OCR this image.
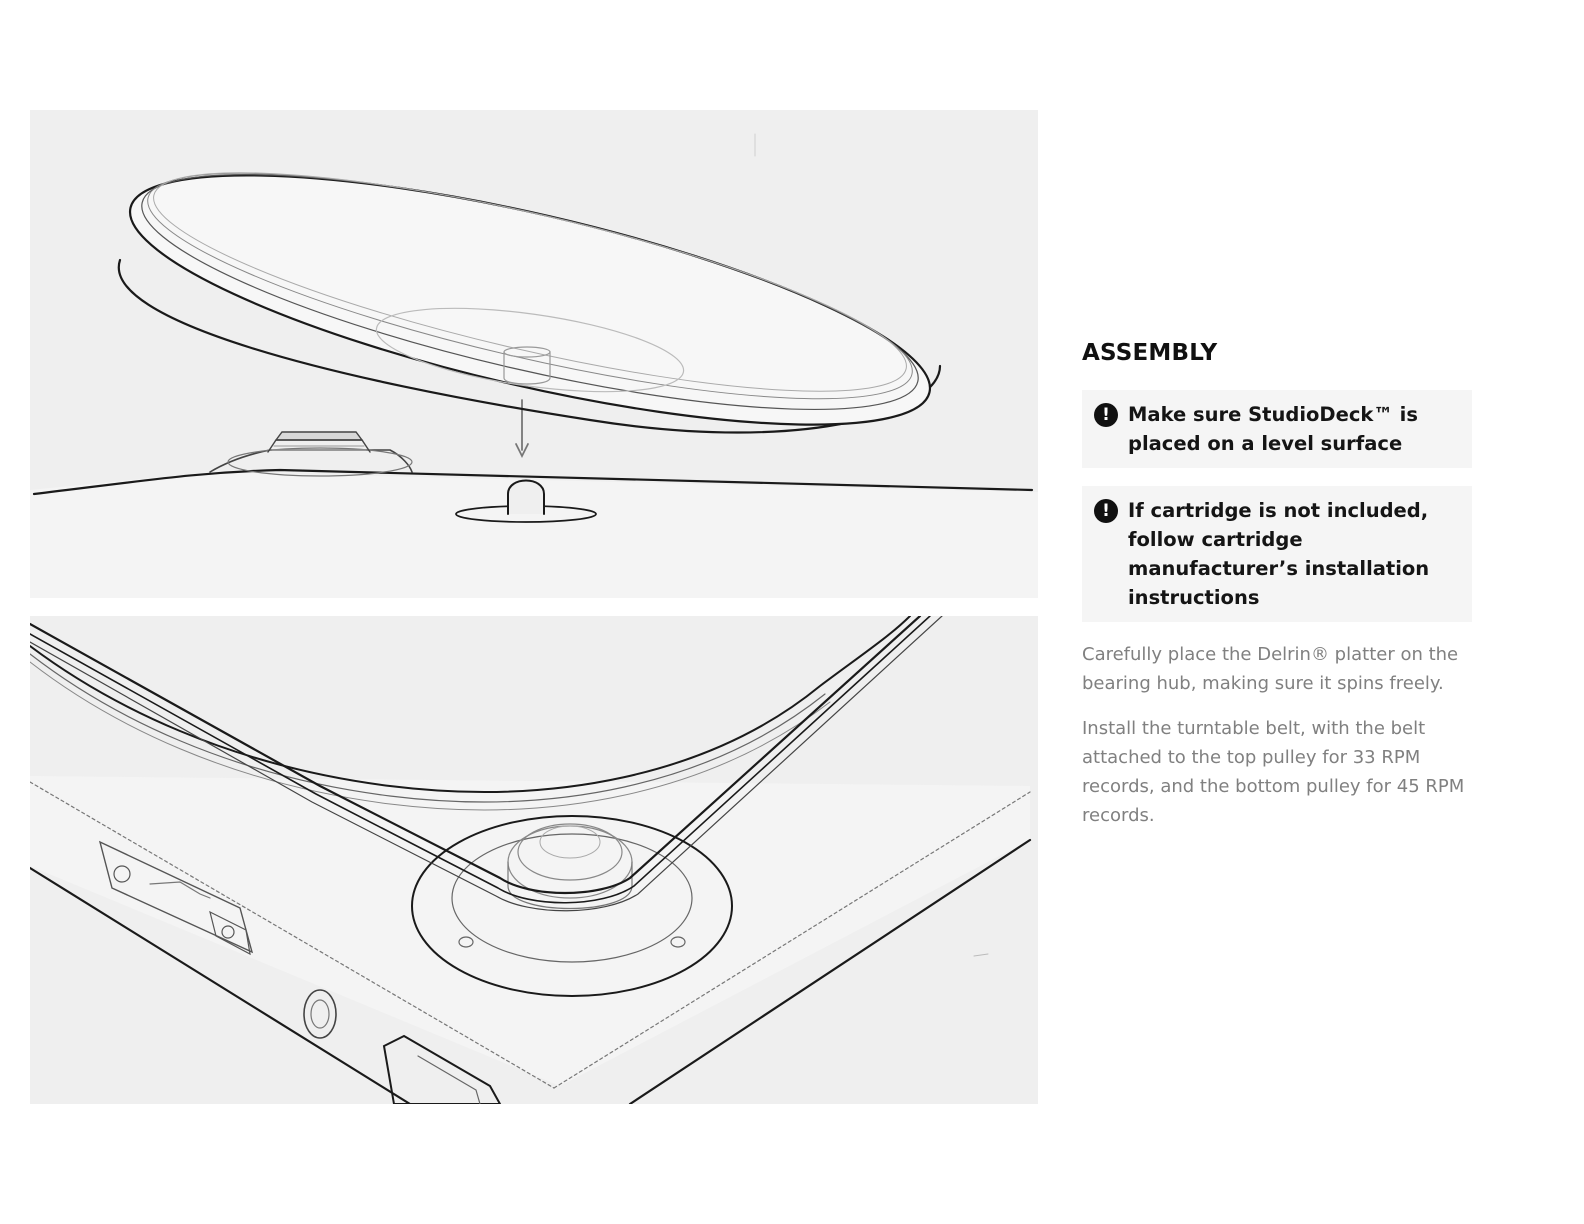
ASSEMBLY
! Make sure StudioDeck™ is placed on a level surface
! If cartridge is not included, follow cartridge manufacturer’s installation instructions

Carefully place the Delrin® platter on the bearing hub, making sure it spins freely.

Install the turntable belt, with the belt attached to the top pulley for 33 RPM records, and the bottom pulley for 45 RPM records.
